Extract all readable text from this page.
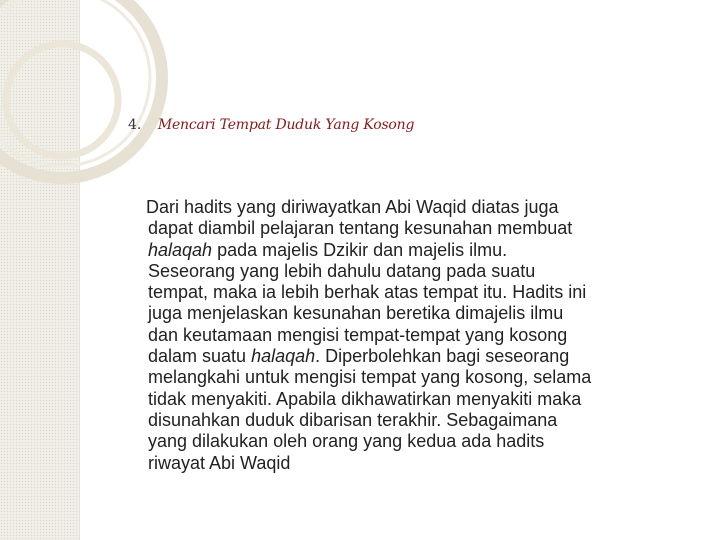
4. Mencari Tempat Duduk Yang Kosong

Dari hadits yang diriwayatkan Abi Waqid diatas juga
dapat diambil pelajaran tentang kesunahan membuat
halaqah pada majelis Dzikir dan majelis ilmu.
Seseorang yang lebih dahulu datang pada suatu
tempat, maka ia lebih berhak atas tempat itu. Hadits ini
juga menjelaskan kesunahan beretika dimajelis ilmu
dan keutamaan mengisi tempat-tempat yang kosong
dalam suatu halaqah. Diperbolehkan bagi seseorang
melangkahi untuk mengisi tempat yang kosong, selama
tidak menyakiti. Apabila dikhawatirkan menyakiti maka
disunahkan duduk dibarisan terakhir. Sebagaimana
yang dilakukan oleh orang yang kedua ada hadits
riwayat Abi Waqid
